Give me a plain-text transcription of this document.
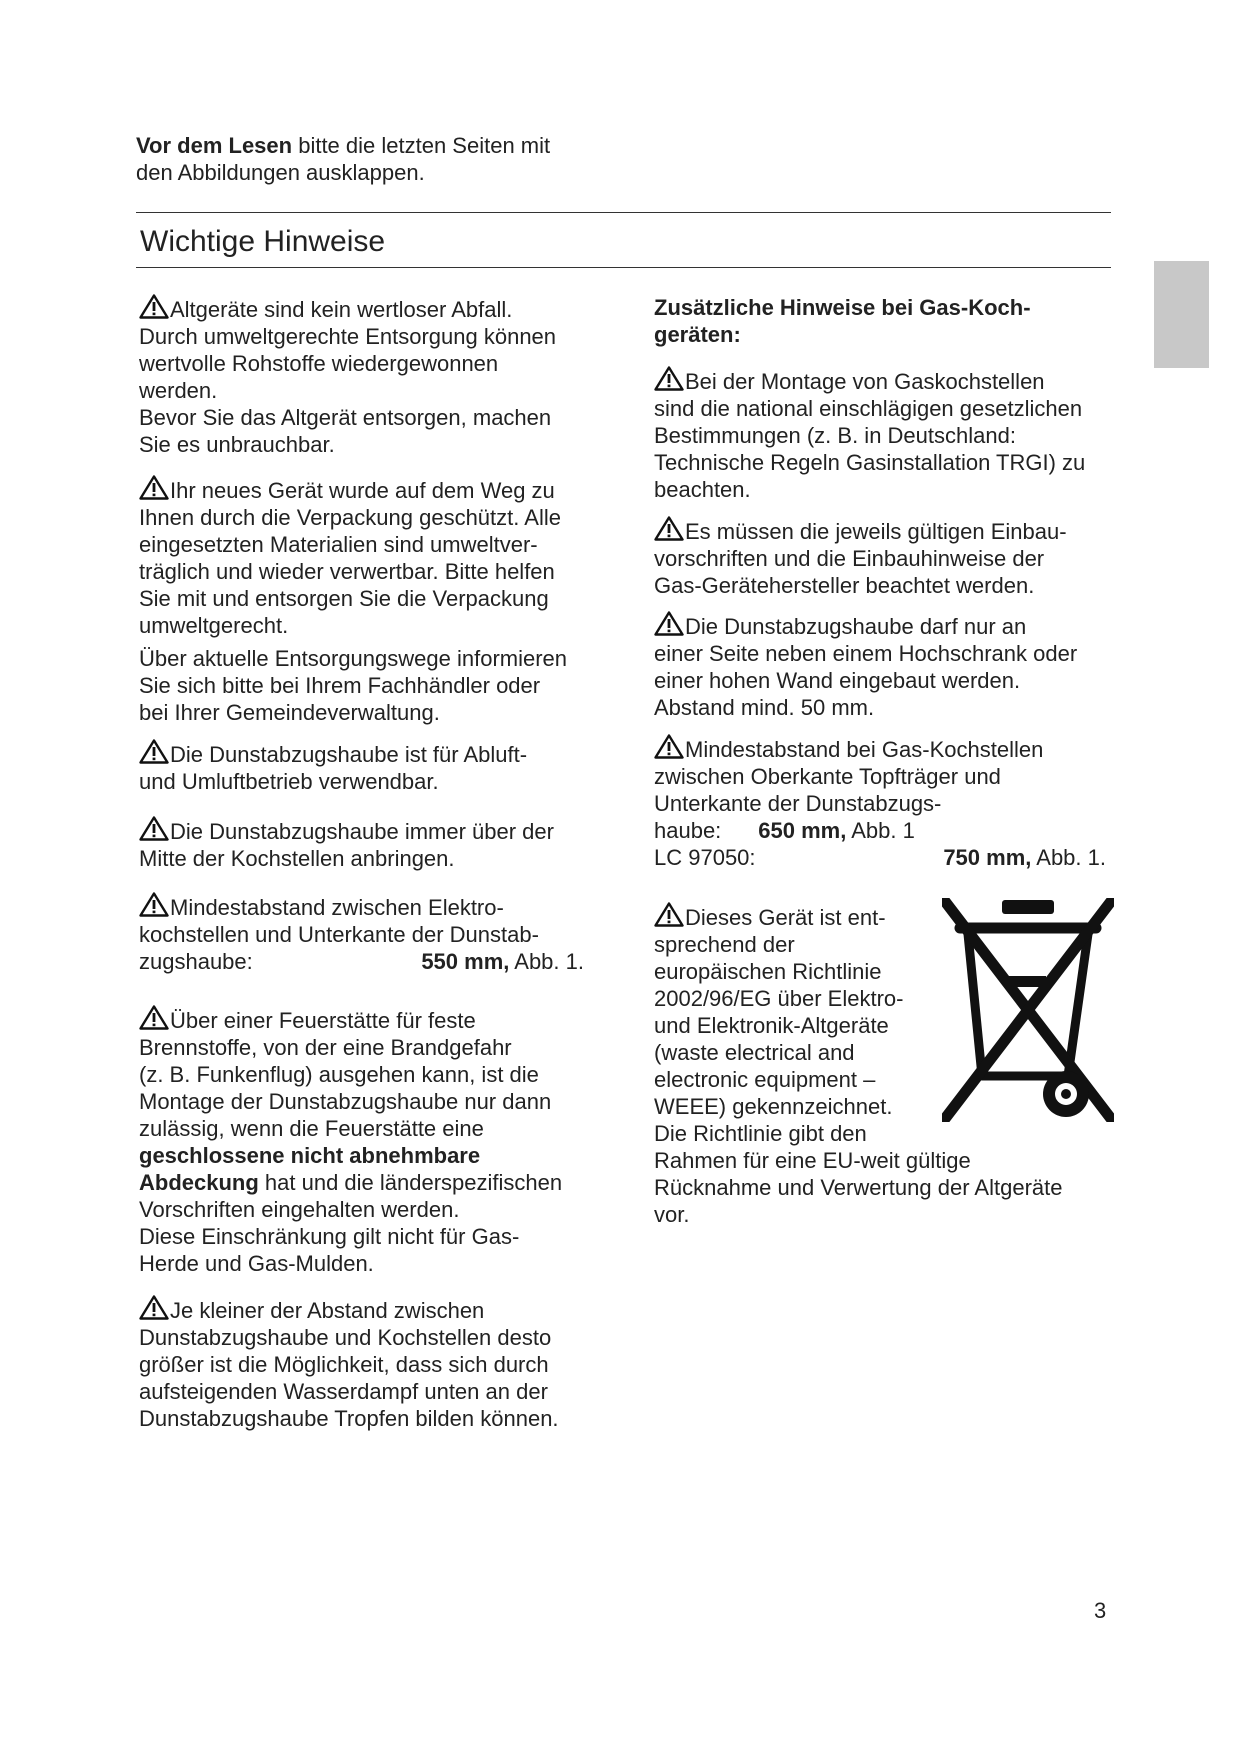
Vor dem Lesen bitte die letzten Seiten mit
den Abbildungen ausklappen.
Wichtige Hinweise

Altgeräte sind kein wertloser Abfall.

Durch umweltgerechte Entsorgung können

wertvolle Rohstoffe wiedergewonnen

werden.

Bevor Sie das Altgerät entsorgen, machen

Sie es unbrauchbar.

Ihr neues Gerät wurde auf dem Weg zu

Ihnen durch die Verpackung geschützt. Alle

eingesetzten Materialien sind umweltver-

träglich und wieder verwertbar. Bitte helfen

Sie mit und entsorgen Sie die Verpackung

umweltgerecht.

Über aktuelle Entsorgungswege informieren

Sie sich bitte bei Ihrem Fachhändler oder

bei Ihrer Gemeindeverwaltung.

Die Dunstabzugshaube ist für Abluft-

und Umluftbetrieb verwendbar.

Die Dunstabzugshaube immer über der

Mitte der Kochstellen anbringen.

Mindestabstand zwischen Elektro-

kochstellen und Unterkante der Dunstab-

zugshaube:	550 mm, Abb. 1.

Über einer Feuerstätte für feste

Brennstoffe, von der eine Brandgefahr

(z. B. Funkenflug) ausgehen kann, ist die

Montage der Dunstabzugshaube nur dann

zulässig, wenn die Feuerstätte eine

geschlossene nicht abnehmbare

Abdeckung hat und die länderspezifischen

Vorschriften eingehalten werden.

Diese Einschränkung gilt nicht für Gas-

Herde und Gas-Mulden.

Je kleiner der Abstand zwischen

Dunstabzugshaube und Kochstellen desto

größer ist die Möglichkeit, dass sich durch

aufsteigenden Wasserdampf unten an der

Dunstabzugshaube Tropfen bilden können.

Zusätzliche Hinweise bei Gas-Koch-

geräten:

Bei der Montage von Gaskochstellen

sind die national einschlägigen gesetzlichen

Bestimmungen (z. B. in Deutschland:

Technische Regeln Gasinstallation TRGI) zu

beachten.

Es müssen die jeweils gültigen Einbau-

vorschriften und die Einbauhinweise der

Gas-Gerätehersteller beachtet werden.

Die Dunstabzugshaube darf nur an

einer Seite neben einem Hochschrank oder

einer hohen Wand eingebaut werden.

Abstand mind. 50 mm.

Mindestabstand bei Gas-Kochstellen

zwischen Oberkante Topfträger und

Unterkante der Dunstabzugs-

haube: 650 mm, Abb. 1

LC 97050:	750 mm, Abb. 1.

Dieses Gerät ist ent-

sprechend der

europäischen Richtlinie

2002/96/EG über Elektro-

und Elektronik-Altgeräte

(waste electrical and

electronic equipment –

WEEE) gekennzeichnet.

Die Richtlinie gibt den

Rahmen für eine EU-weit gültige

Rücknahme und Verwertung der Altgeräte

vor.

3
